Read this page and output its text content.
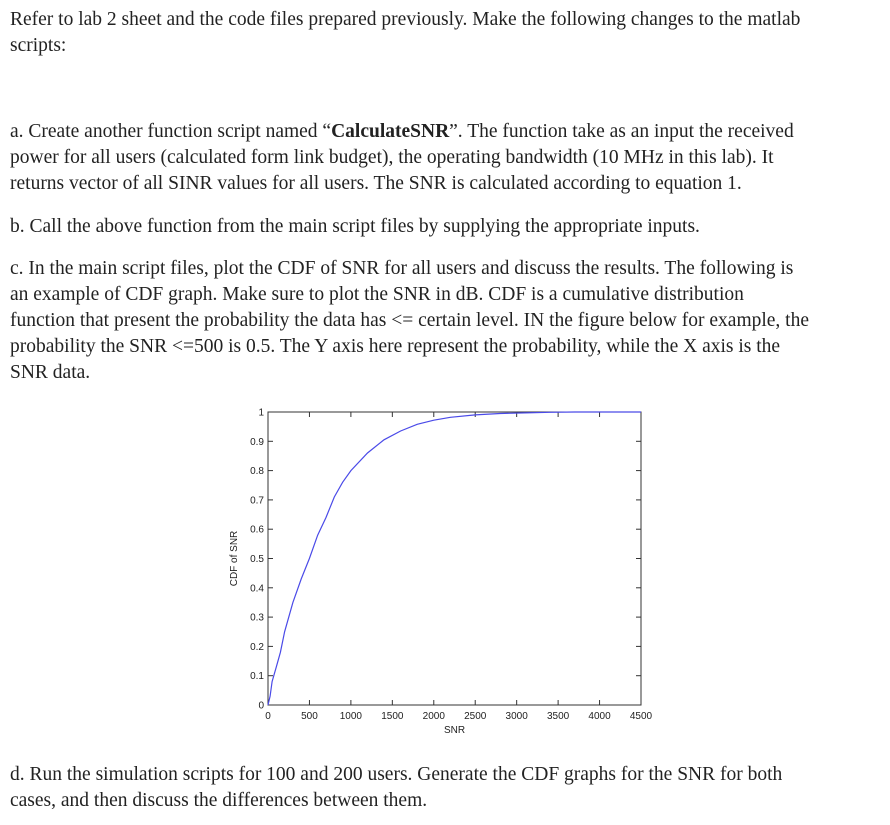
Refer to lab 2 sheet and the code files prepared previously. Make the following changes to the matlab
scripts:
a. Create another function script named “CalculateSNR”. The function take as an input the received
power for all users (calculated form link budget), the operating bandwidth (10 MHz in this lab). It
returns vector of all SINR values for all users. The SNR is calculated according to equation 1.
b. Call the above function from the main script files by supplying the appropriate inputs.
c. In the main script files, plot the CDF of SNR for all users and discuss the results. The following is
an example of CDF graph. Make sure to plot the SNR in dB. CDF is a cumulative distribution
function that present the probability the data has <= certain level. IN the figure below for example, the
probability the SNR <=500 is 0.5. The Y axis here represent the probability, while the X axis is the
SNR data.
0	500 1000 1500 2000 2500 3000 3500 4000 4500
0
0.1
0.2
0.3
0.4
0.5
0.6
0.7
0.8
0.9
1
SNR
CDF of SNR
d. Run the simulation scripts for 100 and 200 users. Generate the CDF graphs for the SNR for both
cases, and then discuss the differences between them.
